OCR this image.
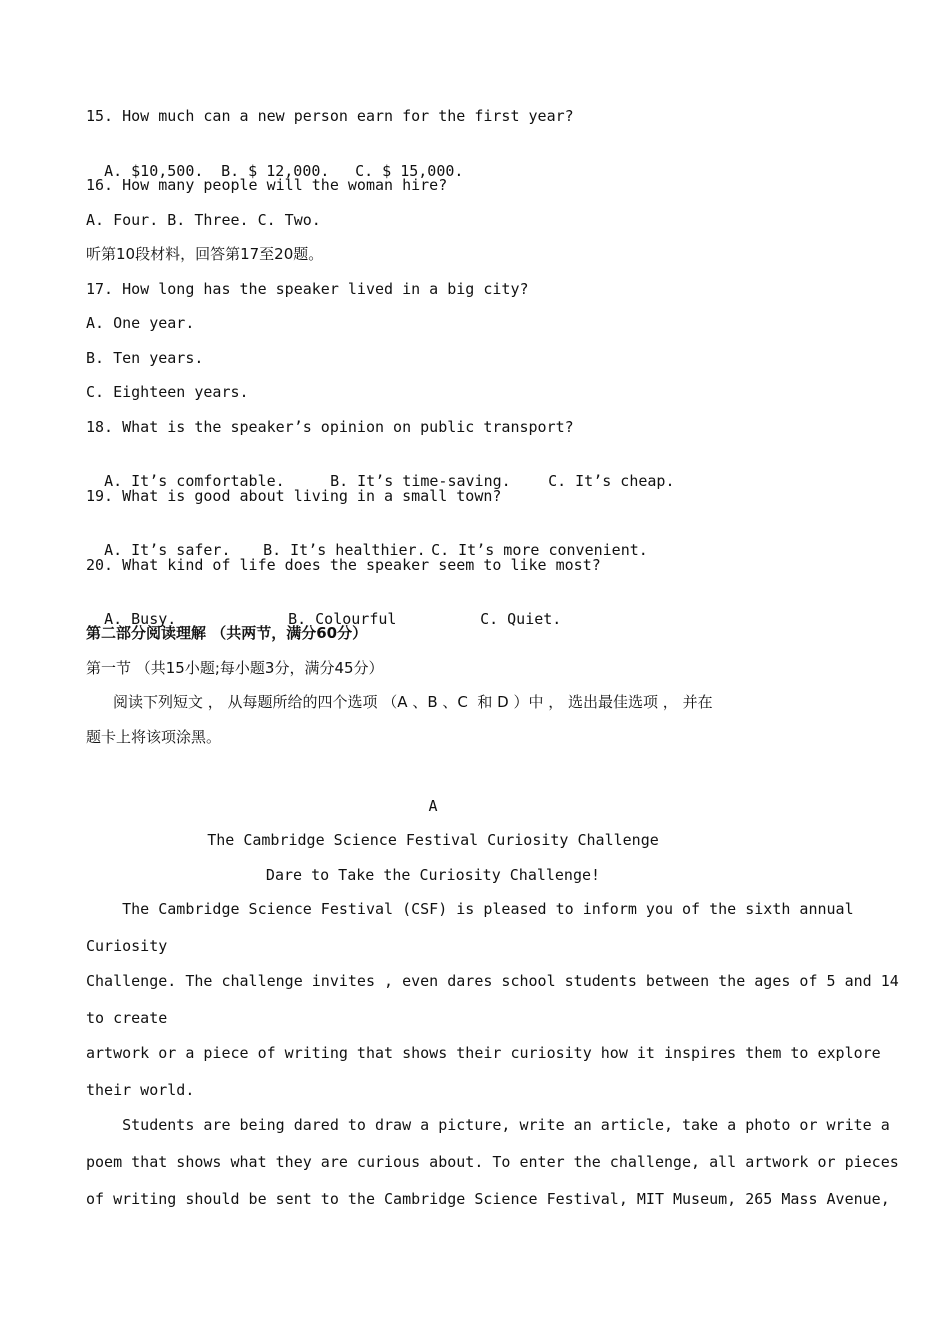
15. How much can a new person earn for the first year?

A. $10,500. B. $ 12,000. C. $ 15,000.

16. How many people will the woman hire?
A. Four. B. Three. C. Two.
听第10段材料，回答第17至20题。
17. How long has the speaker lived in a big city?
A. One year.
B. Ten years.
C. Eighteen years.
18. What is the speaker’s opinion on public transport?

A. It’s comfortable.	B. It’s time-saving. C. It’s cheap.

19. What is good about living in a small town?

A. It’s safer. B. It’s healthier. C. It’s more convenient.

20. What kind of life does the speaker seem to like most?

A. Busy.	B. Colourful	C. Quiet.

第二部分阅读理解 （共两节，满分60分）
第一节 （共15小题;每小题3分，满分45分）
阅读下列短文 ， 从每题所给的四个选项 （A 、B 、C  和 D ）中 ， 选出最佳选项 ， 并在
题卡上将该项涂黑。
A
The Cambridge Science Festival Curiosity Challenge
Dare to Take the Curiosity Challenge!
The Cambridge Science Festival (CSF) is pleased to inform you of the sixth annual
Curiosity
Challenge. The challenge invites , even dares school students between the ages of 5 and 14
to create
artwork or a piece of writing that shows their curiosity how it inspires them to explore
their world.
Students are being dared to draw a picture, write an article, take a photo or write a
poem that shows what they are curious about. To enter the challenge, all artwork or pieces
of writing should be sent to the Cambridge Science Festival, MIT Museum, 265 Mass Avenue,
